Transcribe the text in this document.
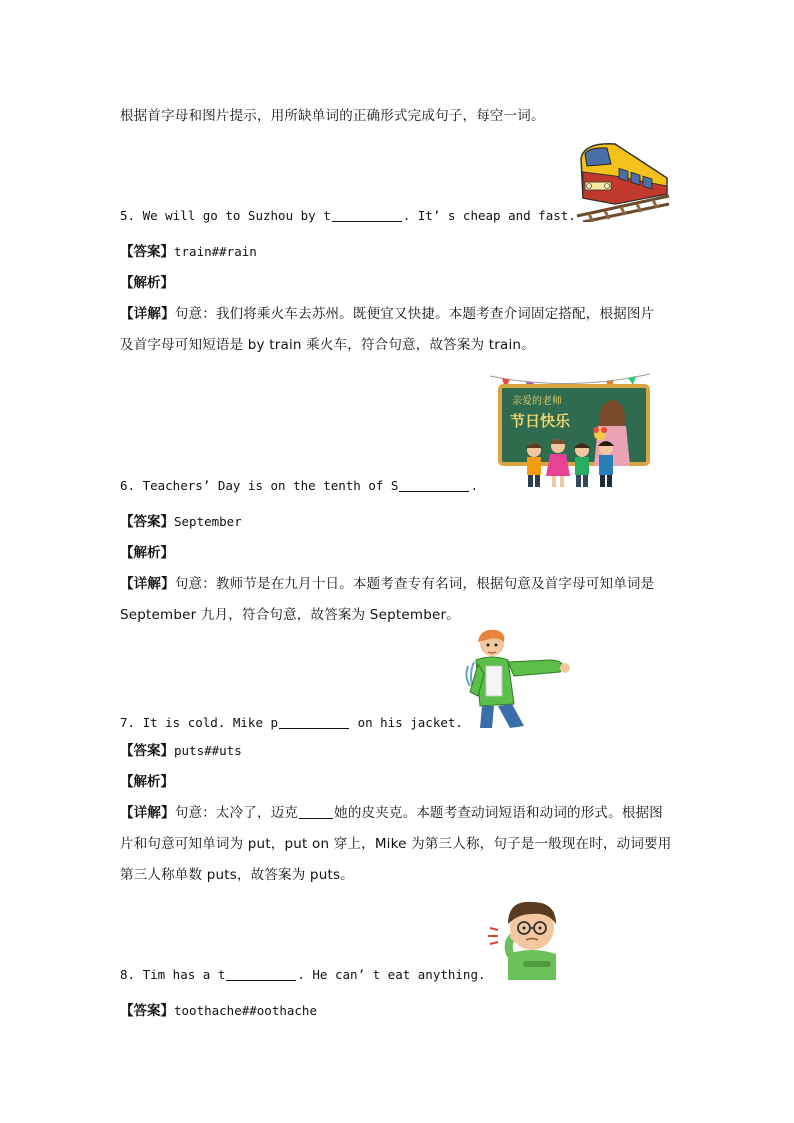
根据首字母和图片提示，用所缺单词的正确形式完成句子，每空一词。
5. We will go to Suzhou by t	. It’ s cheap and fast.
【答案】train##rain
【解析】
【详解】句意：我们将乘火车去苏州。既便宜又快捷。本题考查介词固定搭配，根据图片
及首字母可知短语是 by train 乘火车，符合句意，故答案为 train。
亲爱的老师
节日快乐
6. Teachers’ Day is on the tenth of S	.
【答案】September
【解析】
【详解】句意：教师节是在九月十日。本题考查专有名词，根据句意及首字母可知单词是
September 九月，符合句意，故答案为 September。
7. It is cold. Mike p	on his jacket.
【答案】puts##uts
【解析】
【详解】句意：太冷了，迈克	她的皮夹克。本题考查动词短语和动词的形式。根据图
片和句意可知单词为 put，put on 穿上，Mike 为第三人称，句子是一般现在时，动词要用
第三人称单数 puts，故答案为 puts。
8. Tim has a t	. He can’ t eat anything.
【答案】toothache##oothache
